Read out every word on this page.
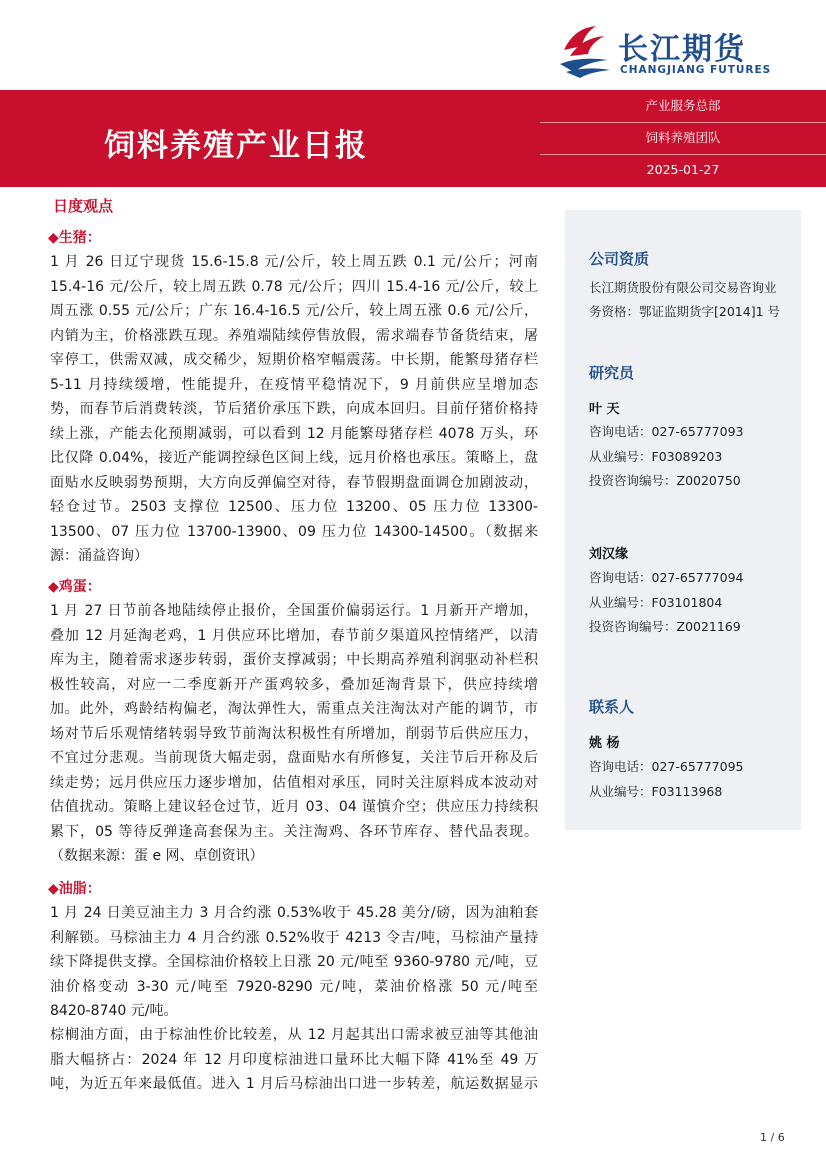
长江期货
CHANGJIANG FUTURES
饲料养殖产业日报
产业服务总部
饲料养殖团队
2025-01-27
日度观点
◆生猪：
1 月 26 日辽宁现货 15.6-15.8 元/公斤，较上周五跌 0.1 元/公斤；河南
15.4-16 元/公斤，较上周五跌 0.78 元/公斤；四川 15.4-16 元/公斤，较上
周五涨 0.55 元/公斤；广东 16.4-16.5 元/公斤，较上周五涨 0.6 元/公斤，
内销为主，价格涨跌互现。养殖端陆续停售放假，需求端春节备货结束，屠
宰停工，供需双减，成交稀少，短期价格窄幅震荡。中长期，能繁母猪存栏
5-11 月持续缓增，性能提升，在疫情平稳情况下，9 月前供应呈增加态
势，而春节后消费转淡，节后猪价承压下跌，向成本回归。目前仔猪价格持
续上涨，产能去化预期减弱，可以看到 12 月能繁母猪存栏 4078 万头，环
比仅降 0.04%，接近产能调控绿色区间上线，远月价格也承压。策略上，盘
面贴水反映弱势预期，大方向反弹偏空对待，春节假期盘面调仓加剧波动，
轻仓过节。2503 支撑位 12500、压力位 13200、05 压力位 13300-
13500、07 压力位 13700-13900、09 压力位 14300-14500。（数据来
源：涌益咨询）
◆鸡蛋：
1 月 27 日节前各地陆续停止报价，全国蛋价偏弱运行。1 月新开产增加，
叠加 12 月延淘老鸡，1 月供应环比增加，春节前夕渠道风控情绪严，以清
库为主，随着需求逐步转弱，蛋价支撑减弱；中长期高养殖利润驱动补栏积
极性较高，对应一二季度新开产蛋鸡较多，叠加延淘背景下，供应持续增
加。此外，鸡龄结构偏老，淘汰弹性大，需重点关注淘汰对产能的调节，市
场对节后乐观情绪转弱导致节前淘汰积极性有所增加，削弱节后供应压力，
不宜过分悲观。当前现货大幅走弱，盘面贴水有所修复，关注节后开称及后
续走势；远月供应压力逐步增加，估值相对承压，同时关注原料成本波动对
估值扰动。策略上建议轻仓过节，近月 03、04 谨慎介空；供应压力持续积
累下，05 等待反弹逢高套保为主。关注淘鸡、各环节库存、替代品表现。
（数据来源：蛋 e 网、卓创资讯）
◆油脂：
1 月 24 日美豆油主力 3 月合约涨 0.53%收于 45.28 美分/磅，因为油粕套
利解锁。马棕油主力 4 月合约涨 0.52%收于 4213 令吉/吨，马棕油产量持
续下降提供支撑。全国棕油价格较上日涨 20 元/吨至 9360-9780 元/吨，豆
油价格变动 3-30 元/吨至 7920-8290 元/吨，菜油价格涨 50 元/吨至
8420-8740 元/吨。
棕榈油方面，由于棕油性价比较差，从 12 月起其出口需求被豆油等其他油
脂大幅挤占：2024 年 12 月印度棕油进口量环比大幅下降 41%至 49 万
吨，为近五年来最低值。进入 1 月后马棕油出口进一步转差，航运数据显示
公司资质
长江期货股份有限公司交易咨询业
务资格：鄂证监期货字[2014]1 号
研究员
叶 天
咨询电话：027-65777093
从业编号：F03089203
投资咨询编号：Z0020750
刘汉缘
咨询电话：027-65777094
从业编号：F03101804
投资咨询编号：Z0021169
联系人
姚 杨
咨询电话：027-65777095
从业编号：F03113968
1 / 6
